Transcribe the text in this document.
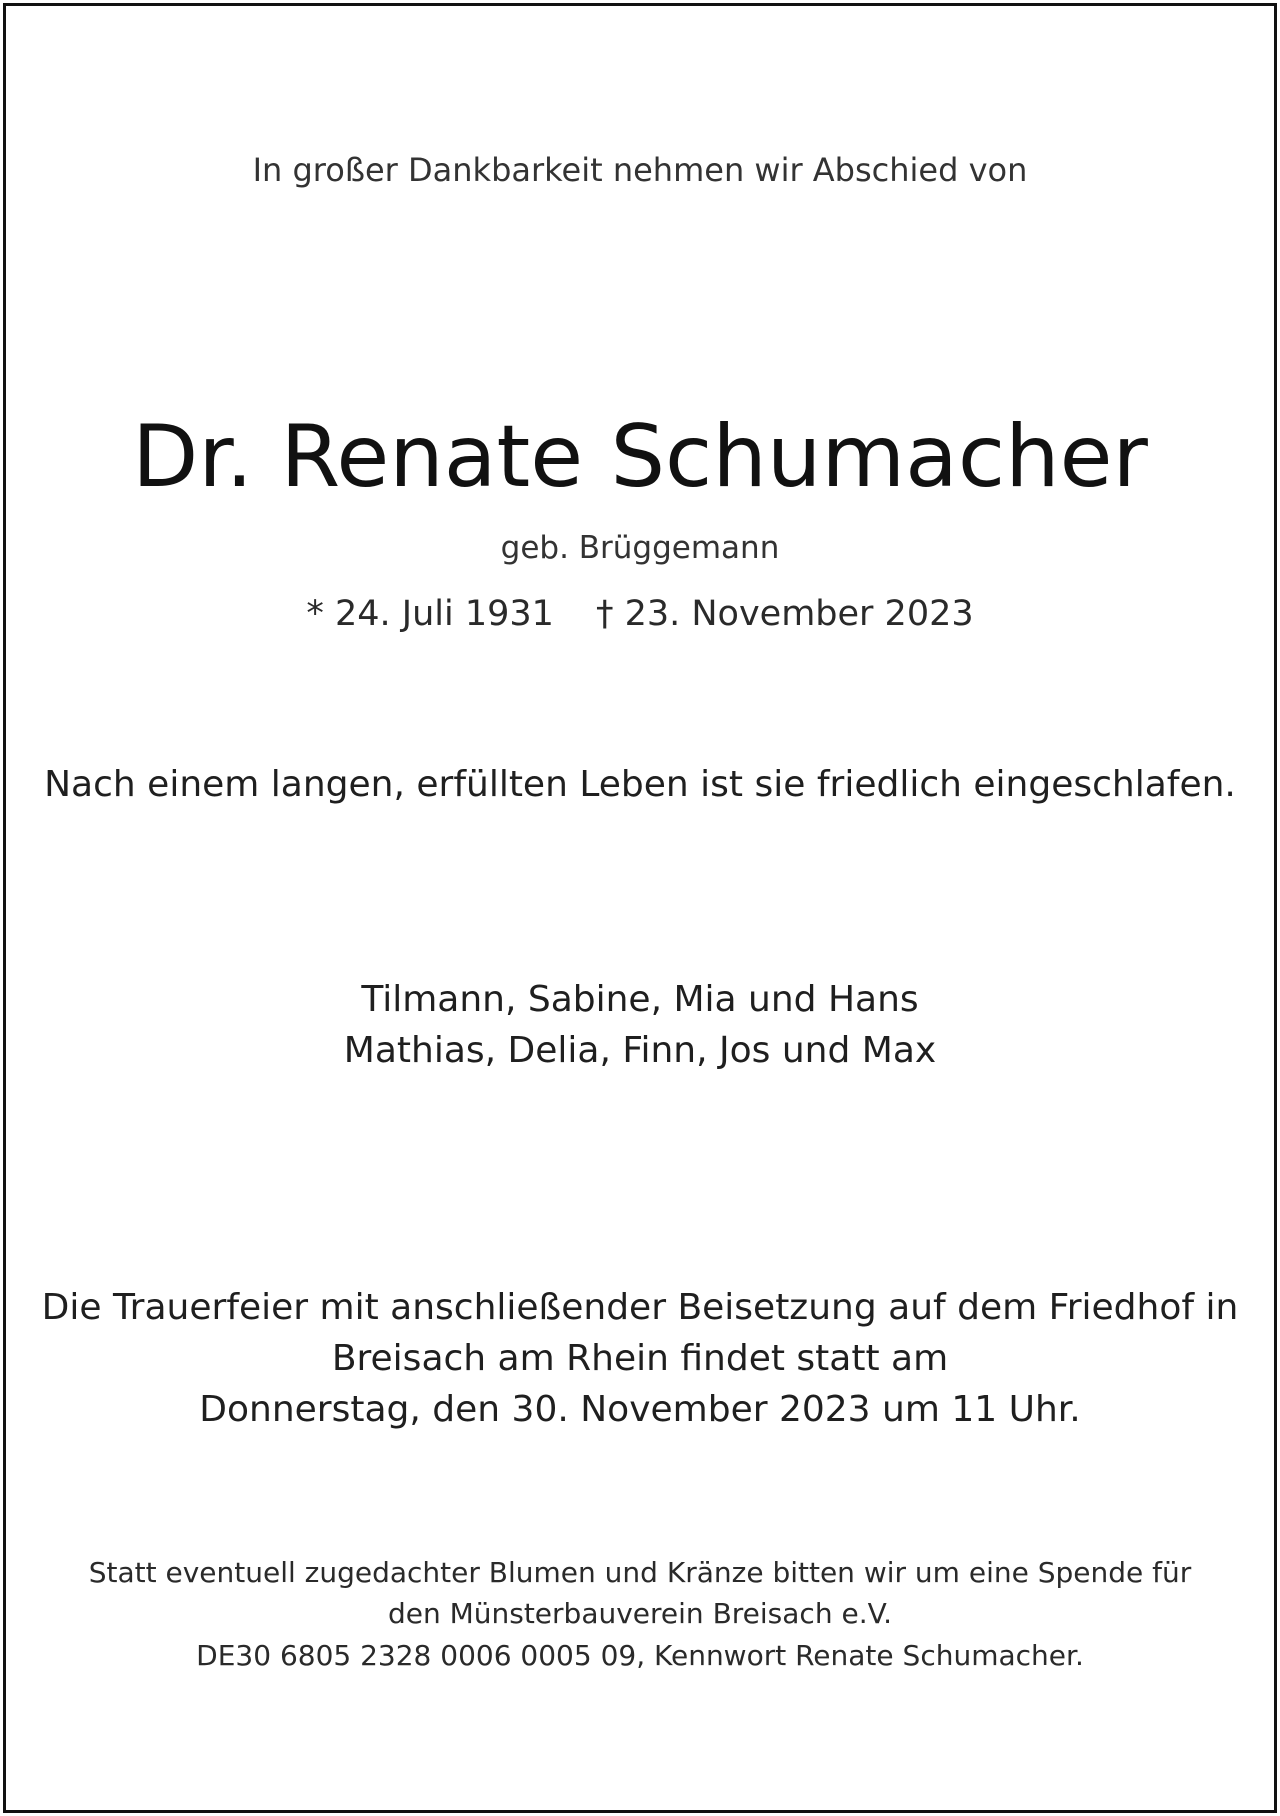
In großer Dankbarkeit nehmen wir Abschied von
Dr. Renate Schumacher
geb. Brüggemann
* 24. Juli 1931 † 23. November 2023
Nach einem langen, erfüllten Leben ist sie friedlich eingeschlafen.
Tilmann, Sabine, Mia und Hans
Mathias, Delia, Finn, Jos und Max
Die Trauerfeier mit anschließender Beisetzung auf dem Friedhof in
Breisach am Rhein findet statt am
Donnerstag, den 30. November 2023 um 11 Uhr.
Statt eventuell zugedachter Blumen und Kränze bitten wir um eine Spende für
den Münsterbauverein Breisach e.V.
DE30 6805 2328 0006 0005 09, Kennwort Renate Schumacher.
